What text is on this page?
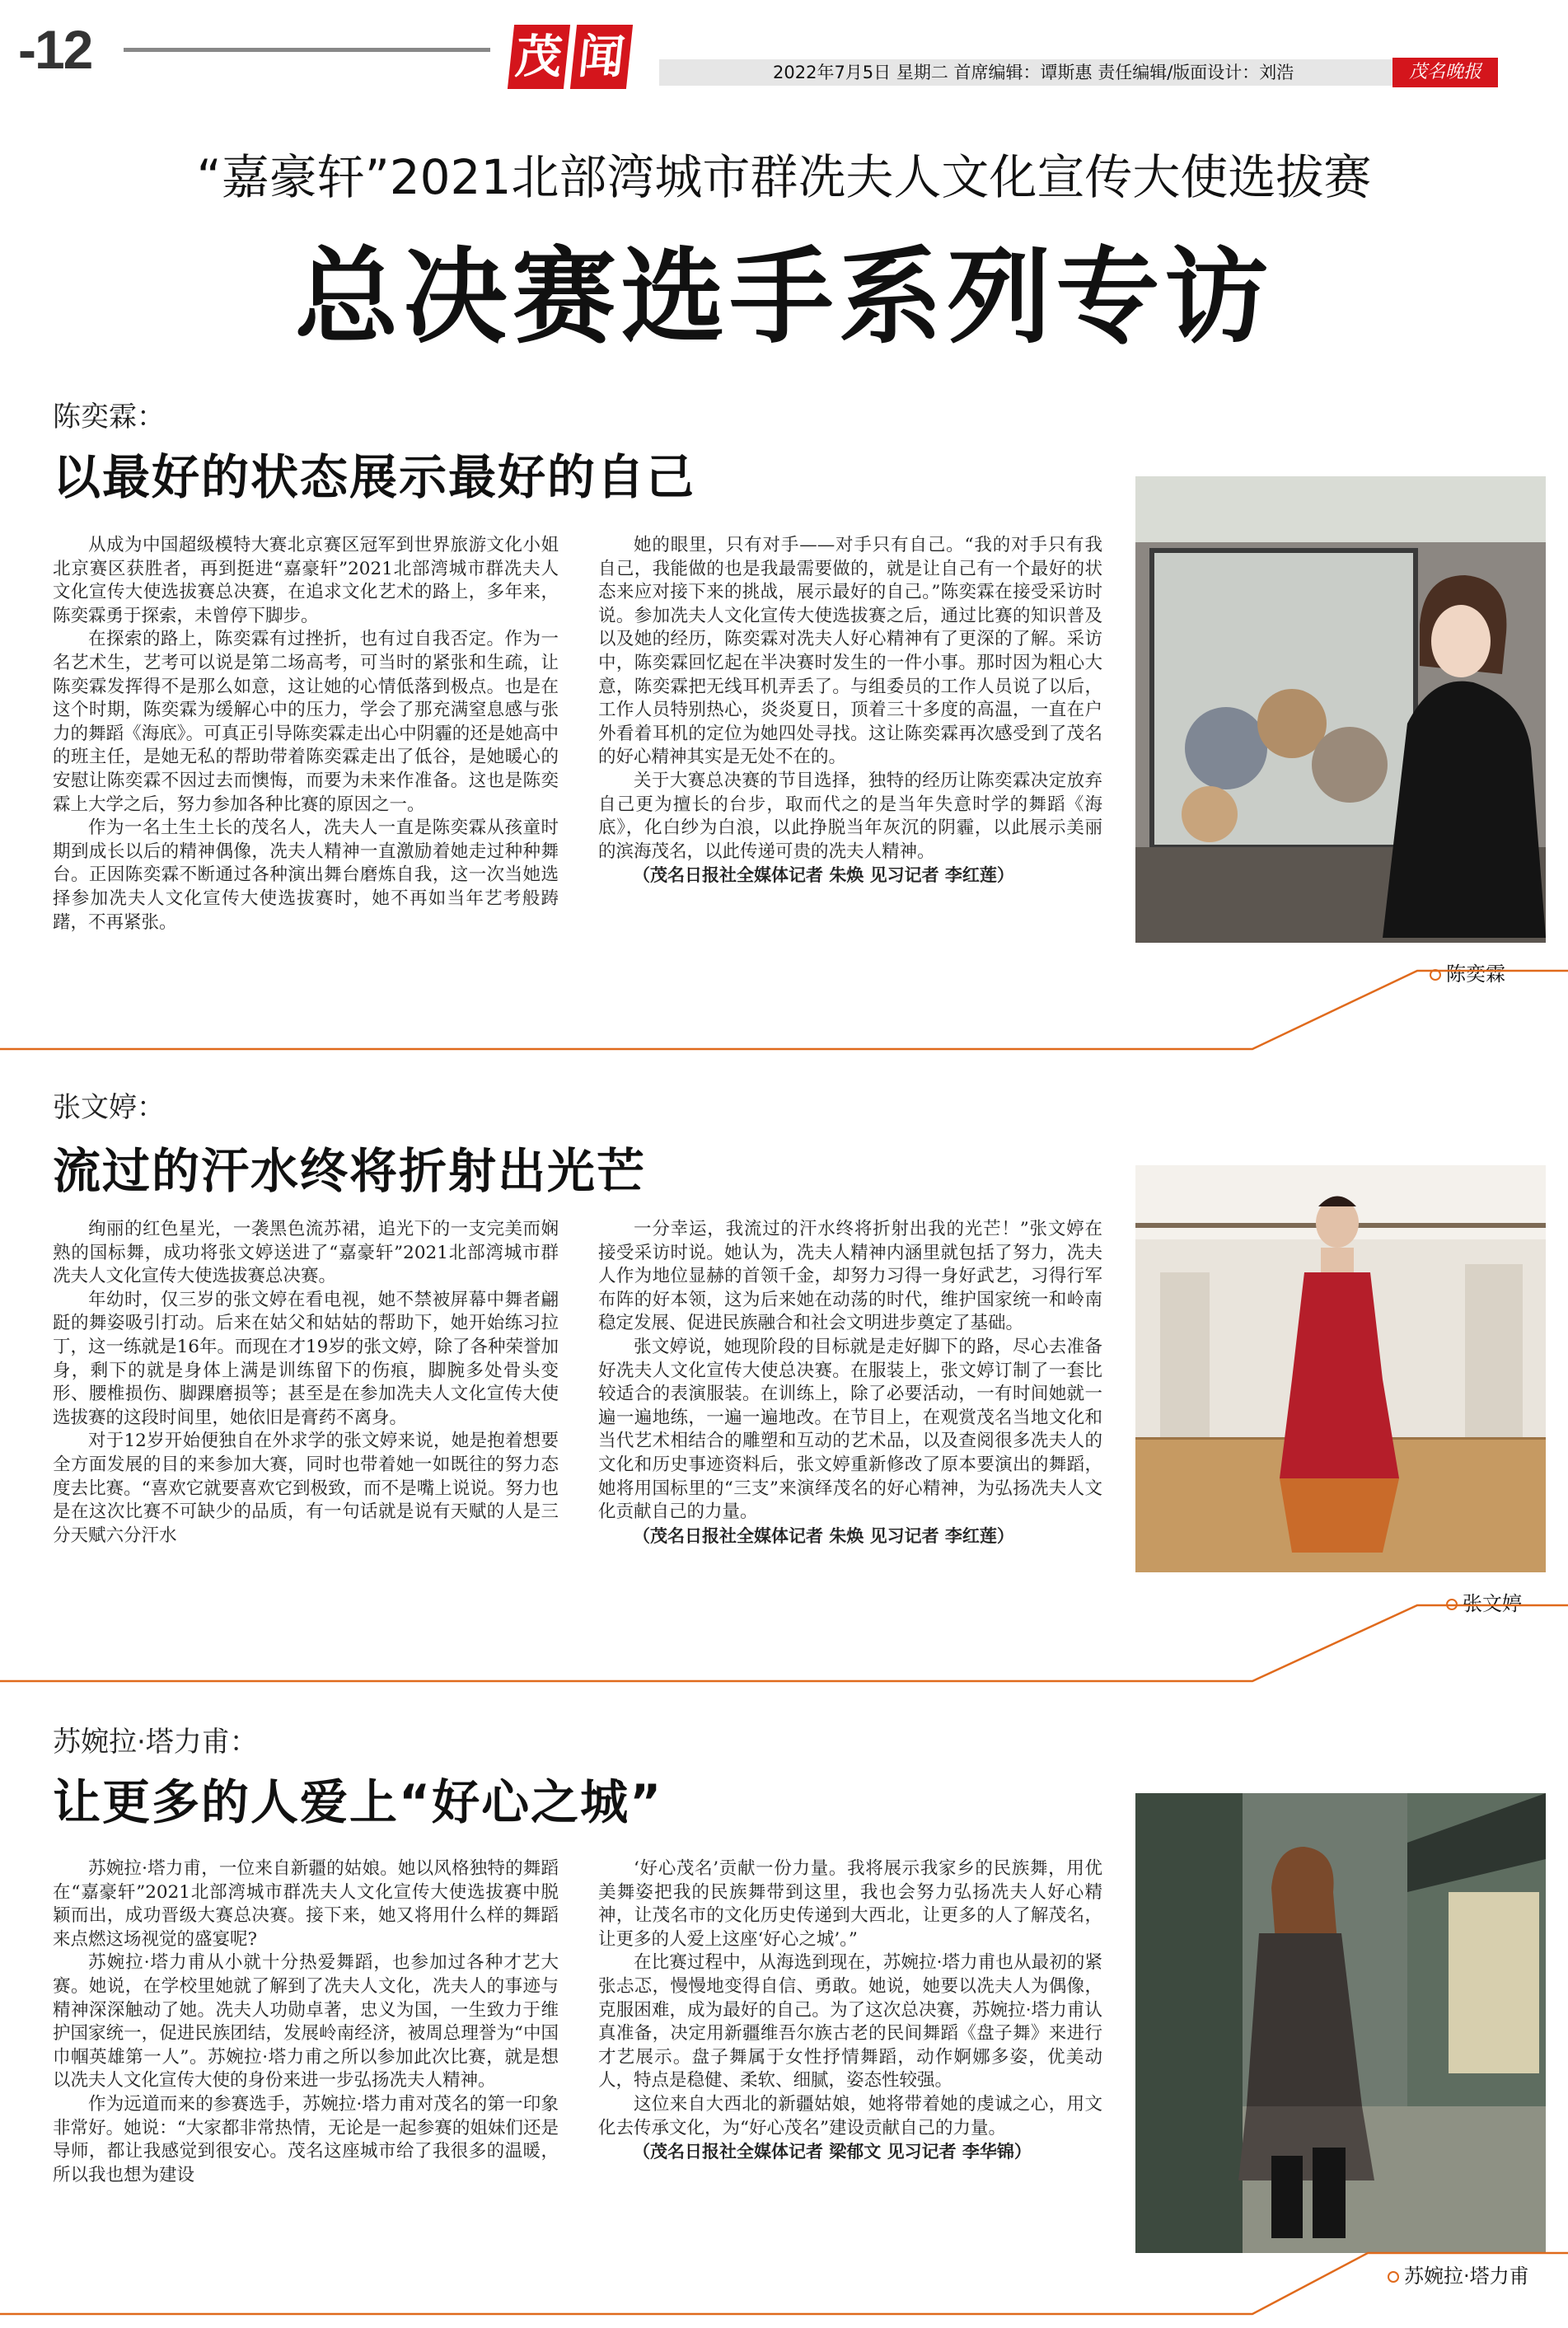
-12	茂 闻	2022年7月5日 星期二 首席编辑：谭斯惠 责任编辑/版面设计：刘浩	茂名晚报
“嘉豪轩”2021北部湾城市群冼夫人文化宣传大使选拔赛
总决赛选手系列专访
陈奕霖：
以最好的状态展示最好的自己

从成为中国超级模特大赛北京赛区冠军到世界旅游文化小姐北京赛区获胜者，再到挺进“嘉豪轩”2021北部湾城市群冼夫人文化宣传大使选拔赛总决赛，在追求文化艺术的路上，多年来，陈奕霖勇于探索，未曾停下脚步。

在探索的路上，陈奕霖有过挫折，也有过自我否定。作为一名艺术生，艺考可以说是第二场高考，可当时的紧张和生疏，让陈奕霖发挥得不是那么如意，这让她的心情低落到极点。也是在这个时期，陈奕霖为缓解心中的压力，学会了那充满窒息感与张力的舞蹈《海底》。可真正引导陈奕霖走出心中阴霾的还是她高中的班主任，是她无私的帮助带着陈奕霖走出了低谷，是她暖心的安慰让陈奕霖不因过去而懊悔，而要为未来作准备。这也是陈奕霖上大学之后，努力参加各种比赛的原因之一。

作为一名土生土长的茂名人，冼夫人一直是陈奕霖从孩童时期到成长以后的精神偶像，冼夫人精神一直激励着她走过种种舞台。正因陈奕霖不断通过各种演出舞台磨炼自我，这一次当她选择参加冼夫人文化宣传大使选拔赛时，她不再如当年艺考般踌躇，不再紧张。

她的眼里，只有对手——对手只有自己。“我的对手只有我自己，我能做的也是我最需要做的，就是让自己有一个最好的状态来应对接下来的挑战，展示最好的自己。”陈奕霖在接受采访时说。参加冼夫人文化宣传大使选拔赛之后，通过比赛的知识普及以及她的经历，陈奕霖对冼夫人好心精神有了更深的了解。采访中，陈奕霖回忆起在半决赛时发生的一件小事。那时因为粗心大意，陈奕霖把无线耳机弄丢了。与组委员的工作人员说了以后，工作人员特别热心，炎炎夏日，顶着三十多度的高温，一直在户外看着耳机的定位为她四处寻找。这让陈奕霖再次感受到了茂名的好心精神其实是无处不在的。

关于大赛总决赛的节目选择，独特的经历让陈奕霖决定放弃自己更为擅长的台步，取而代之的是当年失意时学的舞蹈《海底》，化白纱为白浪，以此挣脱当年灰沉的阴霾，以此展示美丽的滨海茂名，以此传递可贵的冼夫人精神。

（茂名日报社全媒体记者 朱焕 见习记者 李红莲）

陈奕霖
张文婷：
流过的汗水终将折射出光芒

绚丽的红色星光，一袭黑色流苏裙，追光下的一支完美而娴熟的国标舞，成功将张文婷送进了“嘉豪轩”2021北部湾城市群冼夫人文化宣传大使选拔赛总决赛。

年幼时，仅三岁的张文婷在看电视，她不禁被屏幕中舞者翩跹的舞姿吸引打动。后来在姑父和姑姑的帮助下，她开始练习拉丁，这一练就是16年。而现在才19岁的张文婷，除了各种荣誉加身，剩下的就是身体上满是训练留下的伤痕，脚腕多处骨头变形、腰椎损伤、脚踝磨损等；甚至是在参加冼夫人文化宣传大使选拔赛的这段时间里，她依旧是膏药不离身。

对于12岁开始便独自在外求学的张文婷来说，她是抱着想要全方面发展的目的来参加大赛，同时也带着她一如既往的努力态度去比赛。“喜欢它就要喜欢它到极致，而不是嘴上说说。努力也是在这次比赛不可缺少的品质，有一句话就是说有天赋的人是三分天赋六分汗水

一分幸运，我流过的汗水终将折射出我的光芒！”张文婷在接受采访时说。她认为，冼夫人精神内涵里就包括了努力，冼夫人作为地位显赫的首领千金，却努力习得一身好武艺，习得行军布阵的好本领，这为后来她在动荡的时代，维护国家统一和岭南稳定发展、促进民族融合和社会文明进步奠定了基础。

张文婷说，她现阶段的目标就是走好脚下的路，尽心去准备好冼夫人文化宣传大使总决赛。在服装上，张文婷订制了一套比较适合的表演服装。在训练上，除了必要活动，一有时间她就一遍一遍地练，一遍一遍地改。在节目上，在观赏茂名当地文化和当代艺术相结合的雕塑和互动的艺术品，以及查阅很多冼夫人的文化和历史事迹资料后，张文婷重新修改了原本要演出的舞蹈，她将用国标里的“三支”来演绎茂名的好心精神，为弘扬冼夫人文化贡献自己的力量。

（茂名日报社全媒体记者 朱焕 见习记者 李红莲）

张文婷
苏婉拉·塔力甫：
让更多的人爱上“好心之城”

苏婉拉·塔力甫，一位来自新疆的姑娘。她以风格独特的舞蹈在“嘉豪轩”2021北部湾城市群冼夫人文化宣传大使选拔赛中脱颖而出，成功晋级大赛总决赛。接下来，她又将用什么样的舞蹈来点燃这场视觉的盛宴呢?

苏婉拉·塔力甫从小就十分热爱舞蹈，也参加过各种才艺大赛。她说，在学校里她就了解到了冼夫人文化，冼夫人的事迹与精神深深触动了她。冼夫人功勋卓著，忠义为国，一生致力于维护国家统一，促进民族团结，发展岭南经济，被周总理誉为“中国巾帼英雄第一人”。苏婉拉·塔力甫之所以参加此次比赛，就是想以冼夫人文化宣传大使的身份来进一步弘扬冼夫人精神。

作为远道而来的参赛选手，苏婉拉·塔力甫对茂名的第一印象非常好。她说：“大家都非常热情，无论是一起参赛的姐妹们还是导师，都让我感觉到很安心。茂名这座城市给了我很多的温暖，所以我也想为建设

‘好心茂名’贡献一份力量。我将展示我家乡的民族舞，用优美舞姿把我的民族舞带到这里，我也会努力弘扬冼夫人好心精神，让茂名市的文化历史传递到大西北，让更多的人了解茂名，让更多的人爱上这座‘好心之城’。”

在比赛过程中，从海选到现在，苏婉拉·塔力甫也从最初的紧张忐忑，慢慢地变得自信、勇敢。她说，她要以冼夫人为偶像，克服困难，成为最好的自己。为了这次总决赛，苏婉拉·塔力甫认真准备，决定用新疆维吾尔族古老的民间舞蹈《盘子舞》来进行才艺展示。盘子舞属于女性抒情舞蹈，动作婀娜多姿，优美动人，特点是稳健、柔软、细腻，姿态性较强。

这位来自大西北的新疆姑娘，她将带着她的虔诚之心，用文化去传承文化，为“好心茂名”建设贡献自己的力量。

（茂名日报社全媒体记者 梁郁文 见习记者 李华锦）

苏婉拉·塔力甫
